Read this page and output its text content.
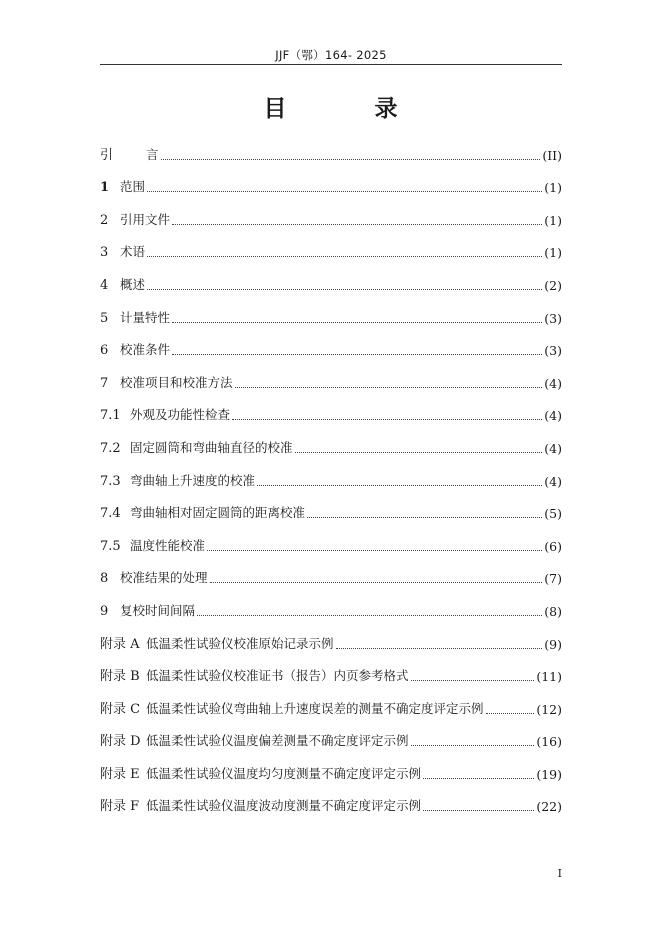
JJF（鄂）164- 2025
目 录
引	言	(II)
1 范围	(1)
2 引用文件	(1)
3 术语	(1)
4 概述	(2)
5 计量特性	(3)
6 校准条件	(3)
7 校准项目和校准方法	(4)
7.1 外观及功能性检查	(4)
7.2 固定圆筒和弯曲轴直径的校准	(4)
7.3 弯曲轴上升速度的校准	(4)
7.4 弯曲轴相对固定圆筒的距离校准	(5)
7.5 温度性能校准	(6)
8 校准结果的处理	(7)
9 复校时间间隔	(8)
附录 A 低温柔性试验仪校准原始记录示例	(9)
附录 B 低温柔性试验仪校准证书（报告）内页参考格式	(11)
附录 C 低温柔性试验仪弯曲轴上升速度误差的测量不确定度评定示例	(12)
附录 D 低温柔性试验仪温度偏差测量不确定度评定示例	(16)
附录 E 低温柔性试验仪温度均匀度测量不确定度评定示例	(19)
附录 F 低温柔性试验仪温度波动度测量不确定度评定示例	(22)
I
